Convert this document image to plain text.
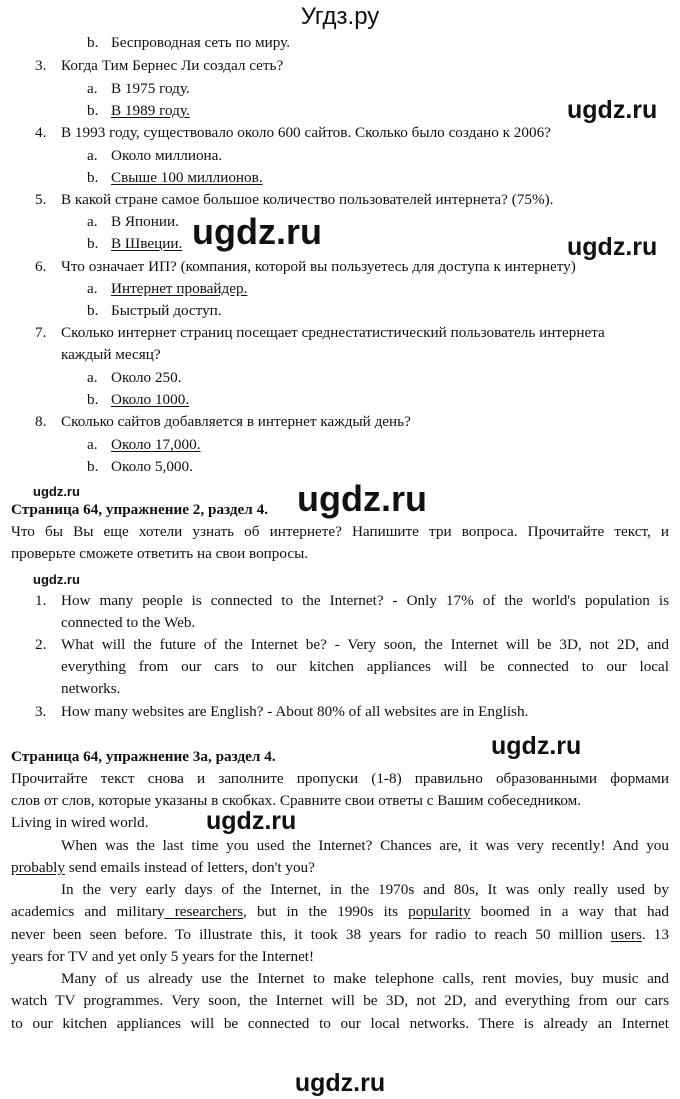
Угдз.ру
b. Беспроводная сеть по миру.
3. Когда Тим Бернес Ли создал сеть?
a. В 1975 году.
b. В 1989 году.
4. В 1993 году, существовало около 600 сайтов. Сколько было создано к 2006?
a. Около миллиона.
b. Свыше 100 миллионов.
5. В какой стране самое большое количество пользователей интернета? (75%).
a. В Японии.
b. В Швеции.
6. Что означает ИП? (компания, которой вы пользуетесь для доступа к интернету)
a. Интернет провайдер.
b. Быстрый доступ.
7. Сколько интернет страниц посещает среднестатистический пользователь интернета
каждый месяц?
a. Около 250.
b. Около 1000.
8. Сколько сайтов добавляется в интернет каждый день?
a. Около 17,000.
b. Около 5,000.
ugdz.ru
ugdz.ru	ugdz.ru
ugdz.ru	ugdz.ru
ugdz.ru
ugdz.ru
ugdz.ru
Страница 64, упражнение 2, раздел 4.
Что бы Вы еще хотели узнать об интернете? Напишите три вопроса. Прочитайте текст, и
проверьте сможете ответить на свои вопросы.
1. How many people is connected to the Internet? - Only 17% of the world's population is
connected to the Web.
2. What will the future of the Internet be? - Very soon, the Internet will be 3D, not 2D, and
everything from our cars to our kitchen appliances will be connected to our local
networks.
3. How many websites are English? - About 80% of all websites are in English.
Страница 64, упражнение 3а, раздел 4.
Прочитайте текст снова и заполните пропуски (1-8) правильно образованными формами
слов от слов, которые указаны в скобках. Сравните свои ответы с Вашим собеседником.
Living in wired world.
When was the last time you used the Internet? Chances are, it was very recently! And you
probably send emails instead of letters, don't you?
In the very early days of the Internet, in the 1970s and 80s, It was only really used by
academics and military researchers, but in the 1990s its popularity boomed in a way that had
never been seen before. To illustrate this, it took 38 years for radio to reach 50 million users. 13
years for TV and yet only 5 years for the Internet!
Many of us already use the Internet to make telephone calls, rent movies, buy music and
watch TV programmes. Very soon, the Internet will be 3D, not 2D, and everything from our cars
to our kitchen appliances will be connected to our local networks. There is already an Internet
ugdz.ru
